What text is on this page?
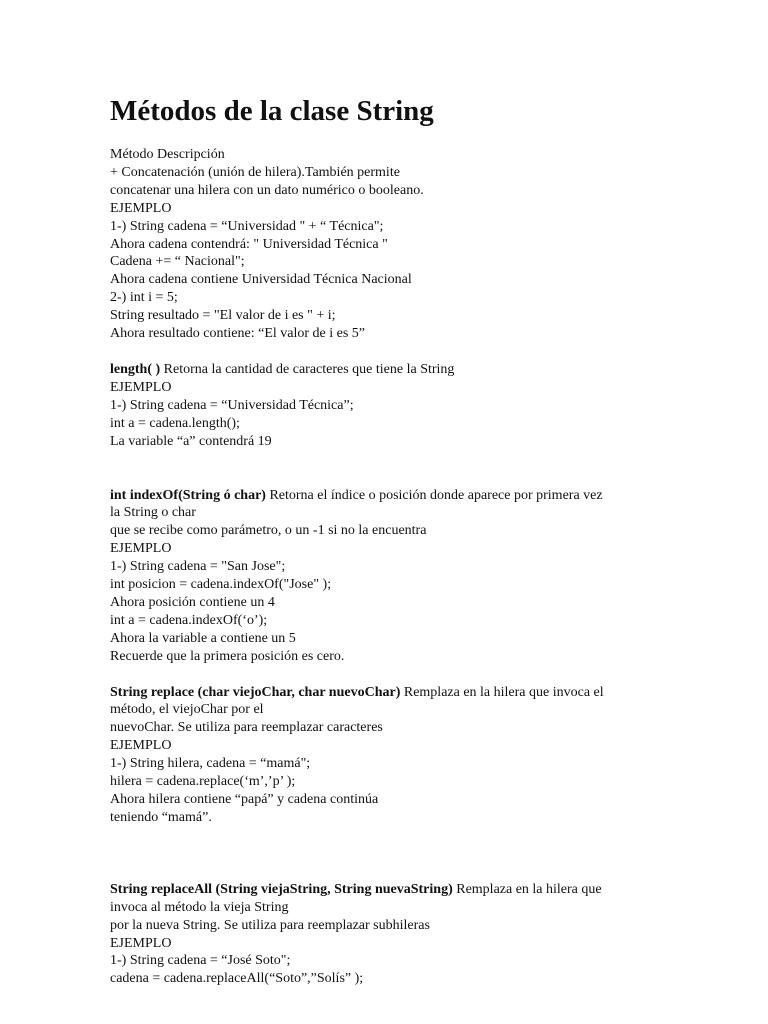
Métodos de la clase String
Método Descripción
+ Concatenación (unión de hilera).También permite
concatenar una hilera con un dato numérico o booleano.
EJEMPLO
1-) String cadena = “Universidad " + “ Técnica";
Ahora cadena contendrá: " Universidad Técnica "
Cadena += “ Nacional";
Ahora cadena contiene Universidad Técnica Nacional
2-) int i = 5;
String resultado = "El valor de i es " + i;
Ahora resultado contiene: “El valor de i es 5”
length( ) Retorna la cantidad de caracteres que tiene la String
EJEMPLO
1-) String cadena = “Universidad Técnica”;
int a = cadena.length();
La variable “a” contendrá 19
int indexOf(String ó char) Retorna el índice o posición donde aparece por primera vez
la String o char
que se recibe como parámetro, o un -1 si no la encuentra
EJEMPLO
1-) String cadena = "San Jose";
int posicion = cadena.indexOf("Jose" );
Ahora posición contiene un 4
int a = cadena.indexOf(‘o’);
Ahora la variable a contiene un 5
Recuerde que la primera posición es cero.
String replace (char viejoChar, char nuevoChar) Remplaza en la hilera que invoca el
método, el viejoChar por el
nuevoChar. Se utiliza para reemplazar caracteres
EJEMPLO
1-) String hilera, cadena = “mamá";
hilera = cadena.replace(‘m’,’p’ );
Ahora hilera contiene “papá” y cadena continúa
teniendo “mamá”.
String replaceAll (String viejaString, String nuevaString) Remplaza en la hilera que
invoca al método la vieja String
por la nueva String. Se utiliza para reemplazar subhileras
EJEMPLO
1-) String cadena = “José Soto";
cadena = cadena.replaceAll(“Soto”,”Solís” );
